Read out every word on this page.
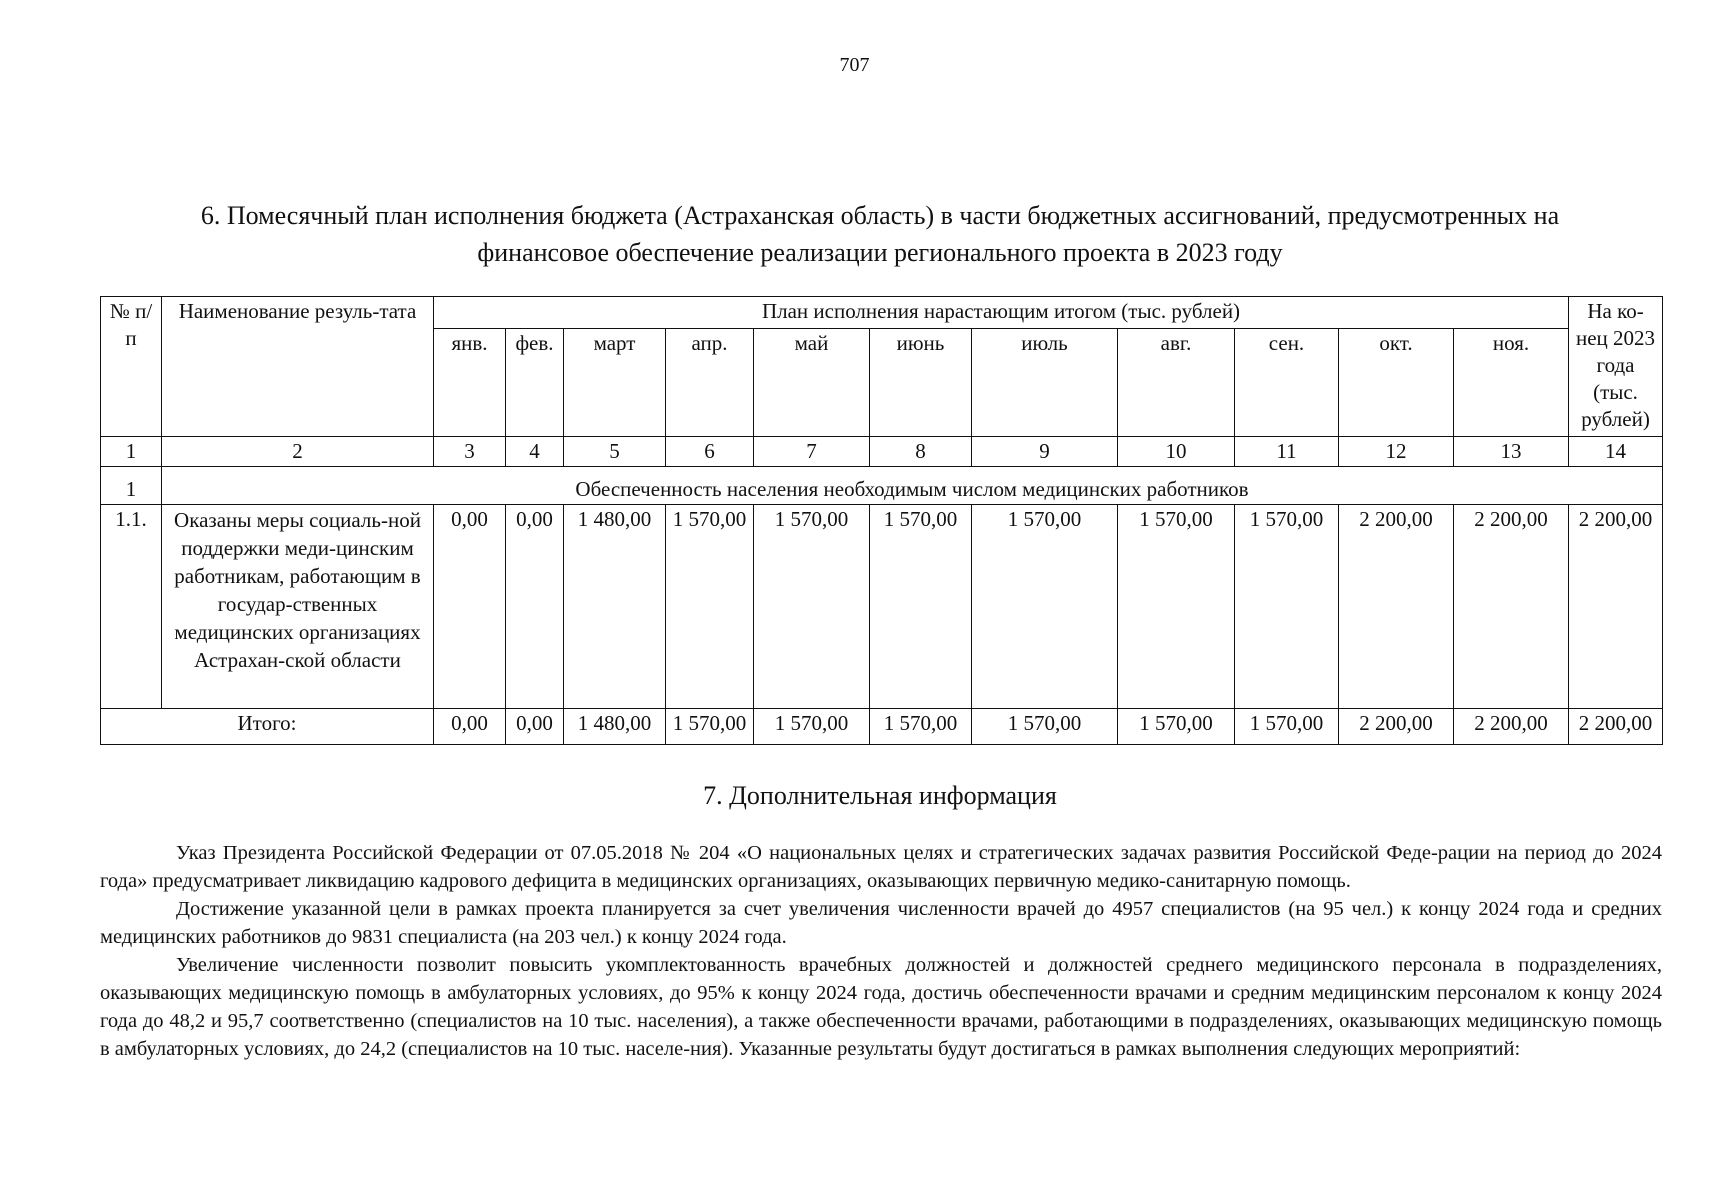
707
6. Помесячный план исполнения бюджета (Астраханская область) в части бюджетных ассигнований, предусмотренных на
финансовое обеспечение реализации регионального проекта в 2023 году
№ п/п	Наименование резуль-тата	План исполнения нарастающим итогом (тыс. рублей)											На ко-нец 2023 года (тыс. рублей)
		янв.	фев.	март	апр.	май	июнь	июль	авг.	сен.	окт.	ноя.	
1	2	3	4	5	6	7	8	9	10	11	12	13	14
1	Обеспеченность населения необходимым числом медицинских работников												
1.1.	Оказаны меры социаль-ной поддержки меди-цинским работникам, работающим в государ-ственных медицинских организациях Астрахан-ской области	0,00	0,00	1 480,00	1 570,00	1 570,00	1 570,00	1 570,00	1 570,00	1 570,00	2 200,00	2 200,00	2 200,00
Итого:		0,00	0,00	1 480,00	1 570,00	1 570,00	1 570,00	1 570,00	1 570,00	1 570,00	2 200,00	2 200,00	2 200,00
7. Дополнительная информация

Указ Президента Российской Федерации от 07.05.2018 № 204 «О национальных целях и стратегических задачах развития Российской Феде-рации на период до 2024 года» предусматривает ликвидацию кадрового дефицита в медицинских организациях, оказывающих первичную медико-санитарную помощь.

Достижение указанной цели в рамках проекта планируется за счет увеличения численности врачей до 4957 специалистов (на 95 чел.) к концу 2024 года и средних медицинских работников до 9831 специалиста (на 203 чел.) к концу 2024 года.

Увеличение численности позволит повысить укомплектованность врачебных должностей и должностей среднего медицинского персонала в подразделениях, оказывающих медицинскую помощь в амбулаторных условиях, до 95% к концу 2024 года, достичь обеспеченности врачами и средним медицинским персоналом к концу 2024 года до 48,2 и 95,7 соответственно (специалистов на 10 тыс. населения), а также обеспеченности врачами, работающими в подразделениях, оказывающих медицинскую помощь в амбулаторных условиях, до 24,2 (специалистов на 10 тыс. населе-ния). Указанные результаты будут достигаться в рамках выполнения следующих мероприятий:
